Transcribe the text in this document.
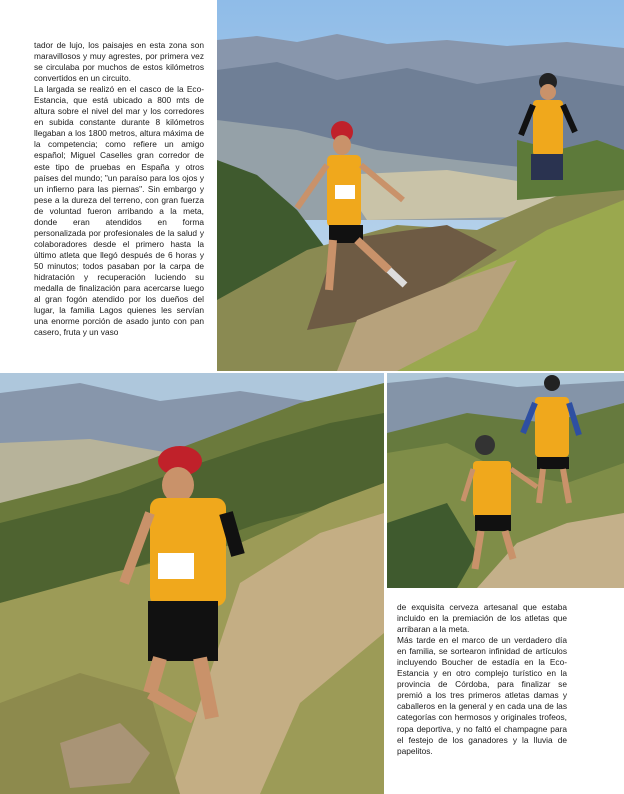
tador de lujo, los paisajes en esta zona son maravillosos y muy agrestes, por primera vez se circulaba por muchos de estos kilómetros convertidos en un circuito.

La largada se realizó en el casco de la Eco-Estancia, que está ubicado a 800 mts de altura sobre el nivel del mar y los corredores en subida constante durante 8 kilómetros llegaban a los 1800 metros, altura máxima de la competencia; como refiere un amigo español; Miguel Caselles gran corredor de este tipo de pruebas en España y otros países del mundo; "un paraíso para los ojos y un infierno para las piernas". Sin embargo y pese a la dureza del terreno, con gran fuerza de voluntad fueron arribando a la meta, donde eran atendidos en forma personalizada por profesionales de la salud y colaboradores desde el primero hasta la último atleta que llegó después de 6 horas y 50 minutos; todos pasaban por la carpa de hidratación y recuperación luciendo su medalla de finalización para acercarse luego al gran fogón atendido por los dueños del lugar, la familia Lagos quienes les servían una enorme porción de asado junto con pan casero, fruta y un vaso

de exquisita cerveza artesanal que estaba incluido en la premiación de los atletas que arribaran a la meta.

Más tarde en el marco de un verdadero día en familia, se sortearon infinidad de artículos incluyendo Boucher de estadía en la Eco-Estancia y en otro complejo turístico en la provincia de Córdoba, para finalizar se premió a los tres primeros atletas damas y caballeros en la general y en cada una de las categorías con hermosos y originales trofeos, ropa deportiva, y no faltó el champagne para el festejo de los ganadores y la lluvia de papelitos.
